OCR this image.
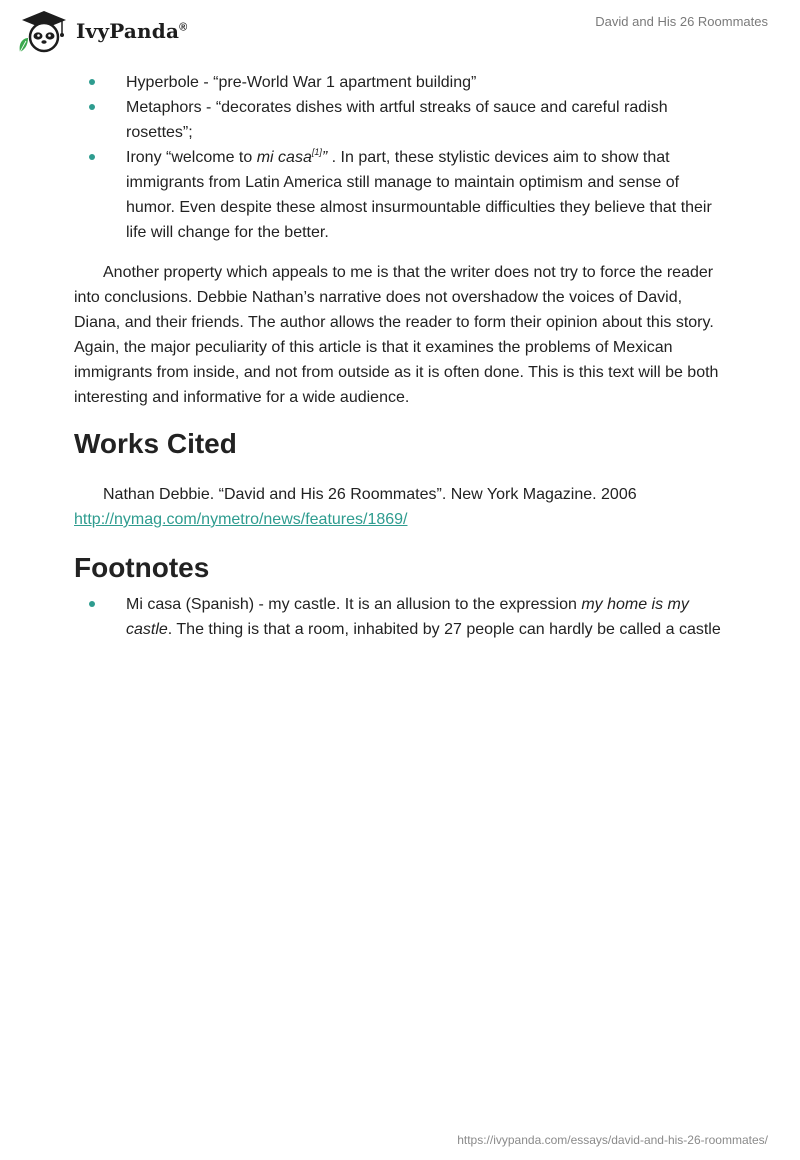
IvyPanda®	David and His 26 Roommates
Hyperbole - “pre-World War 1 apartment building”
Metaphors - “decorates dishes with artful streaks of sauce and careful radish rosettes”;
Irony “welcome to mi casa[1]” . In part, these stylistic devices aim to show that immigrants from Latin America still manage to maintain optimism and sense of humor. Even despite these almost insurmountable difficulties they believe that their life will change for the better.

Another property which appeals to me is that the writer does not try to force the reader into conclusions. Debbie Nathan’s narrative does not overshadow the voices of David, Diana, and their friends. The author allows the reader to form their opinion about this story. Again, the major peculiarity of this article is that it examines the problems of Mexican immigrants from inside, and not from outside as it is often done. This is this text will be both interesting and informative for a wide audience.

Works Cited

Nathan Debbie. “David and His 26 Roommates”. New York Magazine. 2006
http://nymag.com/nymetro/news/features/1869/

Footnotes
Mi casa (Spanish) - my castle. It is an allusion to the expression my home is my castle. The thing is that a room, inhabited by 27 people can hardly be called a castle
https://ivypanda.com/essays/david-and-his-26-roommates/
